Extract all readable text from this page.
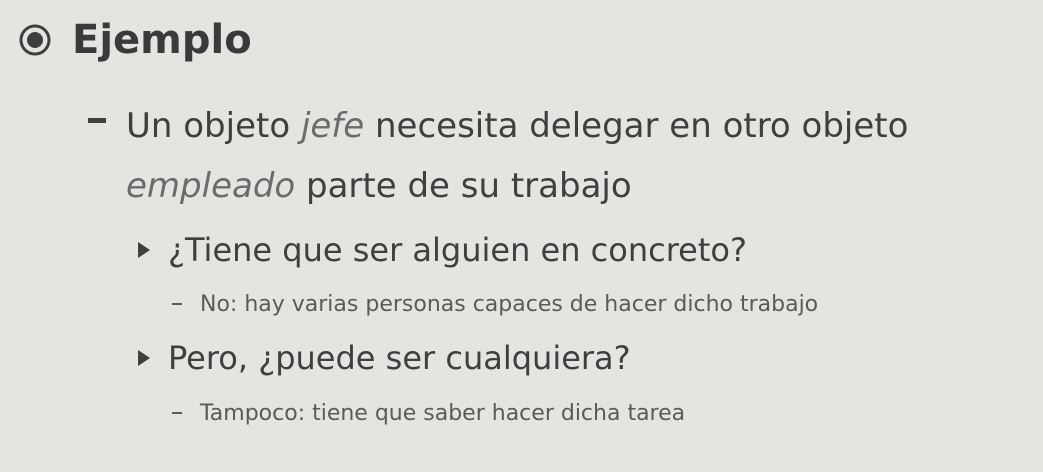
Ejemplo
Un objeto jefe necesita delegar en otro objeto
empleado parte de su trabajo
¿Tiene que ser alguien en concreto?
No: hay varias personas capaces de hacer dicho trabajo
Pero, ¿puede ser cualquiera?
Tampoco: tiene que saber hacer dicha tarea
